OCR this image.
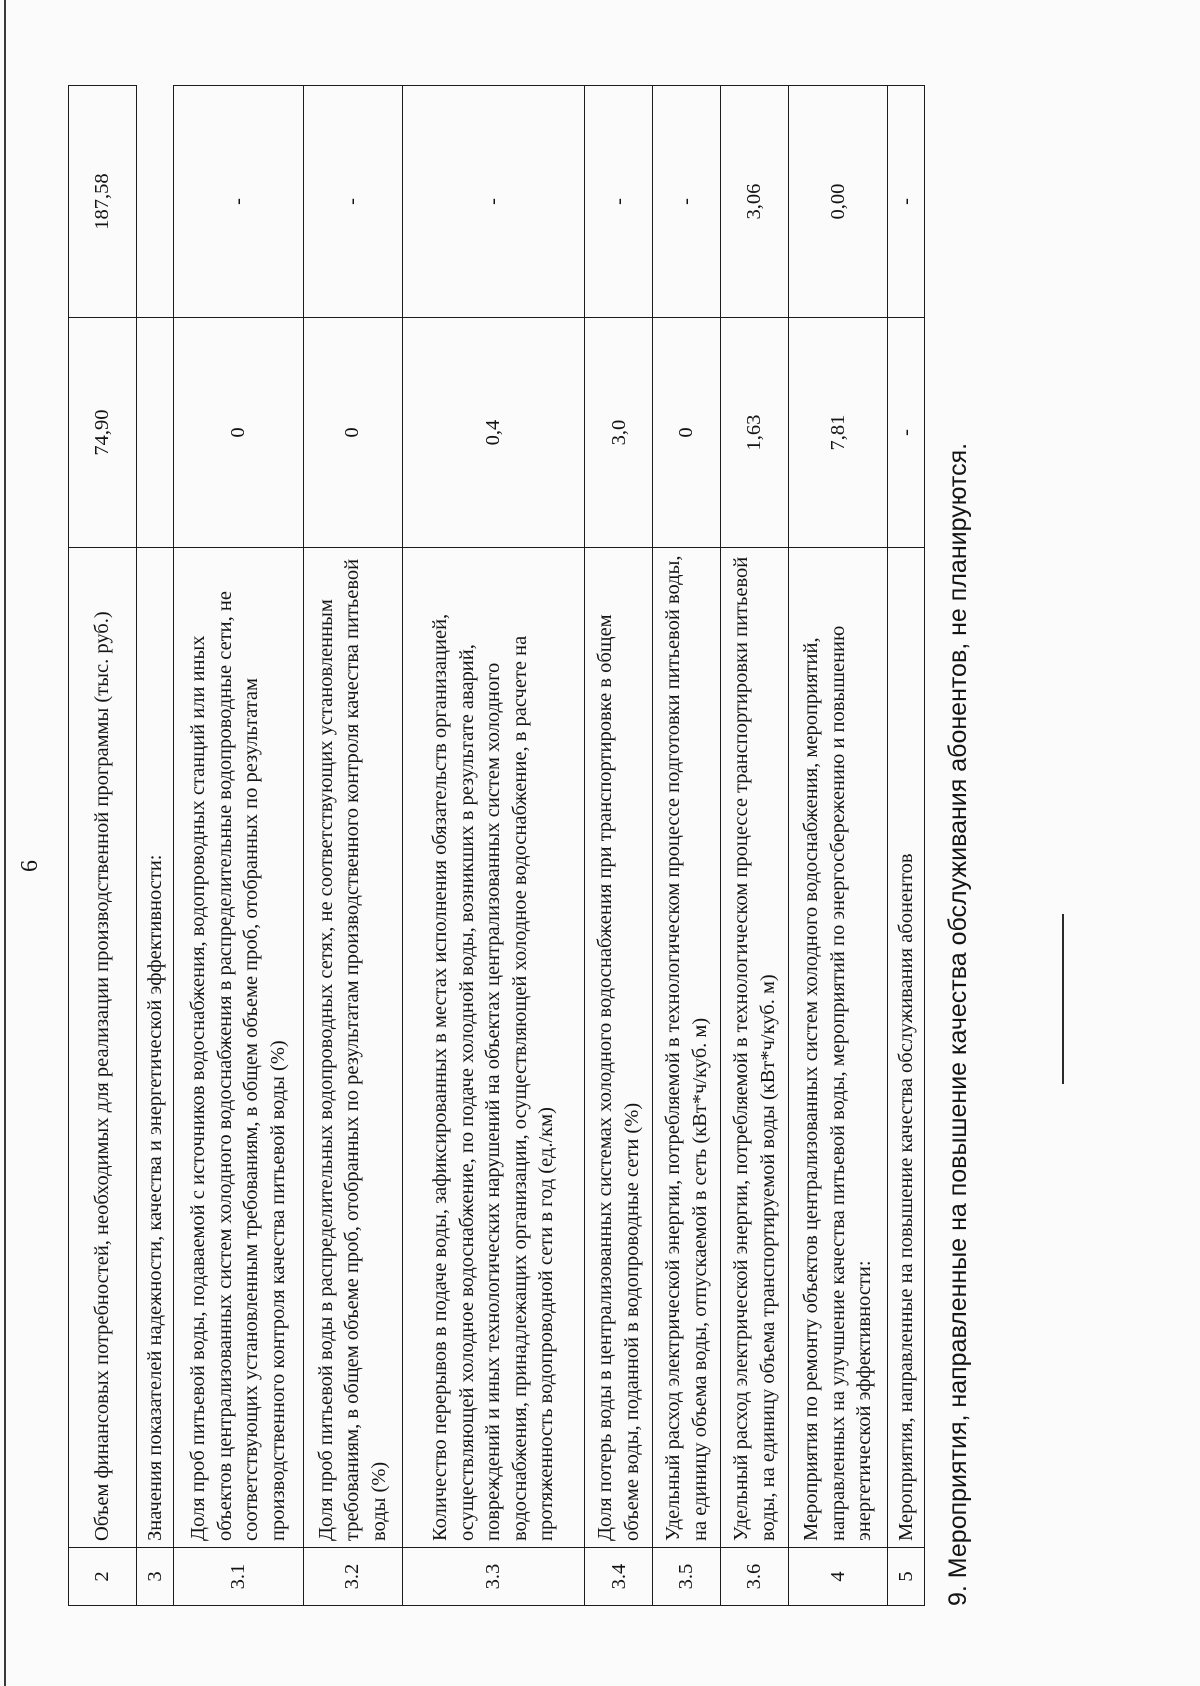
6
2	Объем финансовых потребностей, необходимых для реализации производственной программы (тыс. руб.)	74,90	187,58
3	Значения показателей надежности, качества и энергетической эффективности:		
3.1	Доля проб питьевой воды, подаваемой с источников водоснабжения, водопроводных станций или иных объектов централизованных систем холодного водоснабжения в распределительные водопроводные сети, не соответствующих установленным требованиям, в общем объеме проб, отобранных по результатам производственного контроля качества питьевой воды (%)	0	-
3.2	Доля проб питьевой воды в распределительных водопроводных сетях, не соответствующих установленным требованиям, в общем объеме проб, отобранных по результатам производственного контроля качества питьевой воды (%)	0	-
3.3	Количество перерывов в подаче воды, зафиксированных в местах исполнения обязательств организацией, осуществляющей холодное водоснабжение, по подаче холодной воды, возникших в результате аварий, повреждений и иных технологических нарушений на объектах централизованных систем холодного водоснабжения, принадлежащих организации, осуществляющей холодное водоснабжение, в расчете на протяженность водопроводной сети в год (ед./км)	0,4	-
3.4	Доля потерь воды в централизованных системах холодного водоснабжения при транспортировке в общем объеме воды, поданной в водопроводные сети (%)	3,0	-
3.5	Удельный расход электрической энергии, потребляемой в технологическом процессе подготовки питьевой воды, на единицу объема воды, отпускаемой в сеть (кВт*ч/куб. м)	0	-
3.6	Удельный расход электрической энергии, потребляемой в технологическом процессе транспортировки питьевой воды, на единицу объема транспортируемой воды (кВт*ч/куб. м)	1,63	3,06
4	Мероприятия по ремонту объектов централизованных систем холодного водоснабжения, мероприятий, направленных на улучшение качества питьевой воды, мероприятий по энергосбережению и повышению энергетической эффективности:	7,81	0,00
5	Мероприятия, направленные на повышение качества обслуживания абонентов	-	-
9. Мероприятия, направленные на повышение качества обслуживания абонентов, не планируются.
